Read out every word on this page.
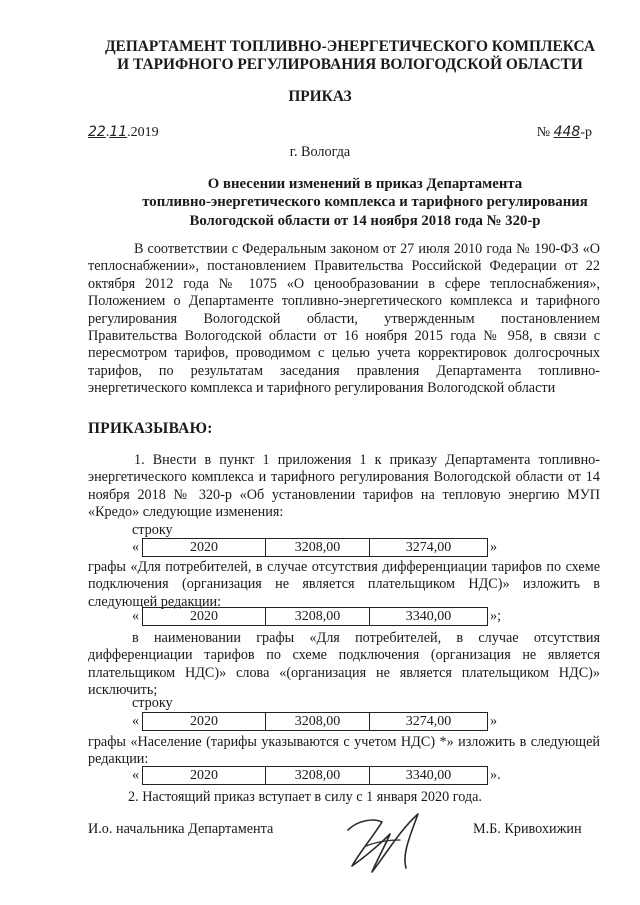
ДЕПАРТАМЕНТ ТОПЛИВНО-ЭНЕРГЕТИЧЕСКОГО КОМПЛЕКСА
И ТАРИФНОГО РЕГУЛИРОВАНИЯ ВОЛОГОДСКОЙ ОБЛАСТИ
ПРИКАЗ
22.11.2019	№ 448-р
г. Вологда
О внесении изменений в приказ Департамента
топливно-энергетического комплекса и тарифного регулирования
Вологодской области от 14 ноября 2018 года № 320-р
В соответствии с Федеральным законом от 27 июля 2010 года № 190-ФЗ «О теплоснабжении», постановлением Правительства Российской Федерации от 22 октября 2012 года № 1075 «О ценообразовании в сфере теплоснабжения», Положением о Департаменте топливно-энергетического комплекса и тарифного регулирования Вологодской области, утвержденным постановлением Правительства Вологодской области от 16 ноября 2015 года № 958, в связи с пересмотром тарифов, проводимом с целью учета корректировок долгосрочных тарифов, по результатам заседания правления Департамента топливно-энергетического комплекса и тарифного регулирования Вологодской области
ПРИКАЗЫВАЮ:
1. Внести в пункт 1 приложения 1 к приказу Департамента топливно-энергетического комплекса и тарифного регулирования Вологодской области от 14 ноября 2018 № 320-р «Об установлении тарифов на тепловую энергию МУП «Кредо» следующие изменения:
строку
«	2020	3208,00	3274,00	»
графы «Для потребителей, в случае отсутствия дифференциации тарифов по схеме подключения (организация не является плательщиком НДС)» изложить в следующей редакции:
«	2020	3208,00	3340,00	»;
в наименовании графы «Для потребителей, в случае отсутствия дифференциации тарифов по схеме подключения (организация не является плательщиком НДС)» слова «(организация не является плательщиком НДС)» исключить;
строку
«	2020	3208,00	3274,00	»
графы «Население (тарифы указываются с учетом НДС) *» изложить в следующей редакции:
«	2020	3208,00	3340,00	».
2. Настоящий приказ вступает в силу с 1 января 2020 года.
И.о. начальника Департамента	М.Б. Кривохижин
